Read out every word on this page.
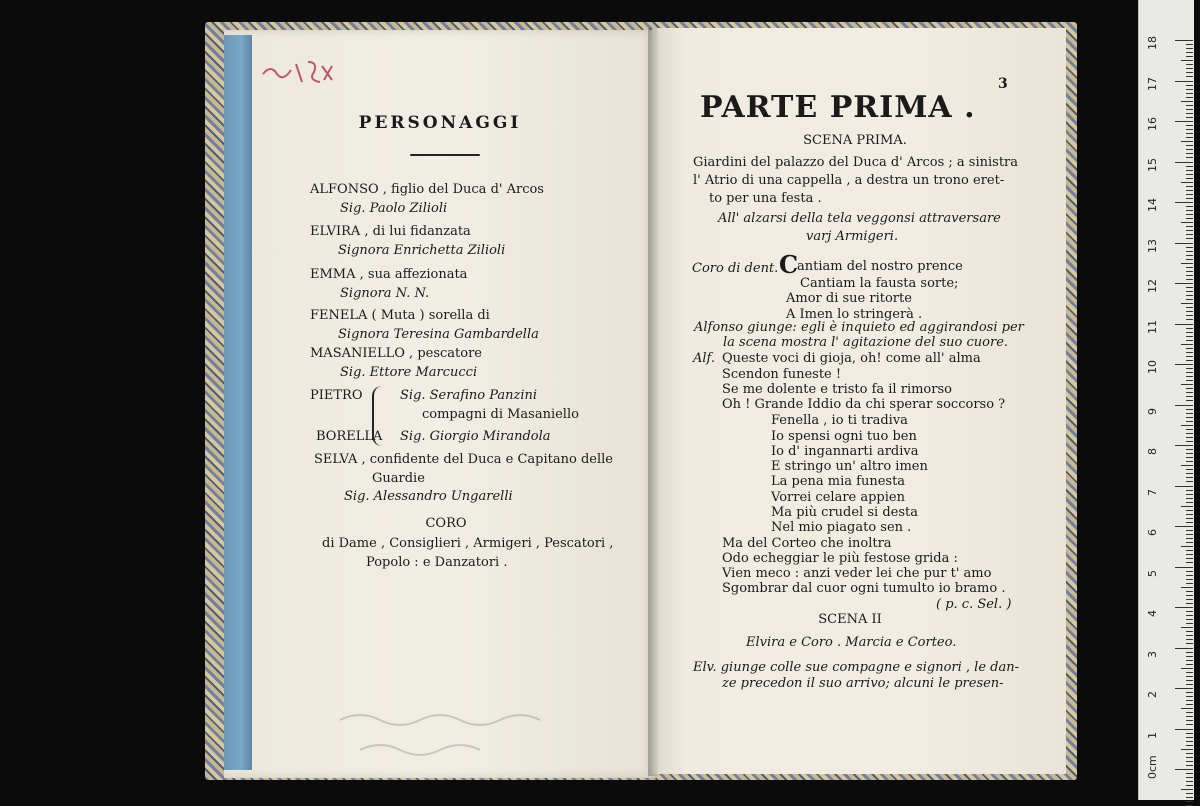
PERSONAGGI
ALFONSO , figlio del Duca d' Arcos
Sig. Paolo Zilioli
ELVIRA , di lui fidanzata
Signora Enrichetta Zilioli
EMMA , sua affezionata
Signora N. N.
FENELA ( Muta ) sorella di
Signora Teresina Gambardella
MASANIELLO , pescatore
Sig. Ettore Marcucci
PIETRO	Sig. Serafino Panzini
compagni di Masaniello
BORELLA Sig. Giorgio Mirandola
SELVA , confidente del Duca e Capitano delle
Guardie
Sig. Alessandro Ungarelli
CORO
di Dame , Consiglieri , Armigeri , Pescatori ,
Popolo : e Danzatori .
3
PARTE PRIMA .
SCENA PRIMA.
Giardini del palazzo del Duca d' Arcos ; a sinistra
l' Atrio di una cappella , a destra un trono eret-
to per una festa .
All' alzarsi della tela veggonsi attraversare
varj Armigeri.
Coro di dent. C
antiam del nostro prence
Cantiam la fausta sorte;
Amor di sue ritorte
A Imen lo stringerà .
Alfonso giunge: egli è inquieto ed aggirandosi per
la scena mostra l' agitazione del suo cuore.
Alf. Queste voci di gioja, oh! come all' alma
Scendon funeste !
Se me dolente e tristo fa il rimorso
Oh ! Grande Iddio da chi sperar soccorso ?
Fenella , io ti tradiva
Io spensi ogni tuo ben
Io d' ingannarti ardiva
E stringo un' altro imen
La pena mia funesta
Vorrei celare appien
Ma più crudel si desta
Nel mio piagato sen .
Ma del Corteo che inoltra
Odo echeggiar le più festose grida :
Vien meco : anzi veder lei che pur t' amo
Sgombrar dal cuor ogni tumulto io bramo .
( p. c. Sel. )
SCENA II
Elvira e Coro . Marcia e Corteo.
Elv. giunge colle sue compagne e signori , le dan-
ze precedon il suo arrivo; alcuni le presen-
18
17
16
15
14
13
12
11
10
9
8
7
6
5
4
3
2
1
0cm
